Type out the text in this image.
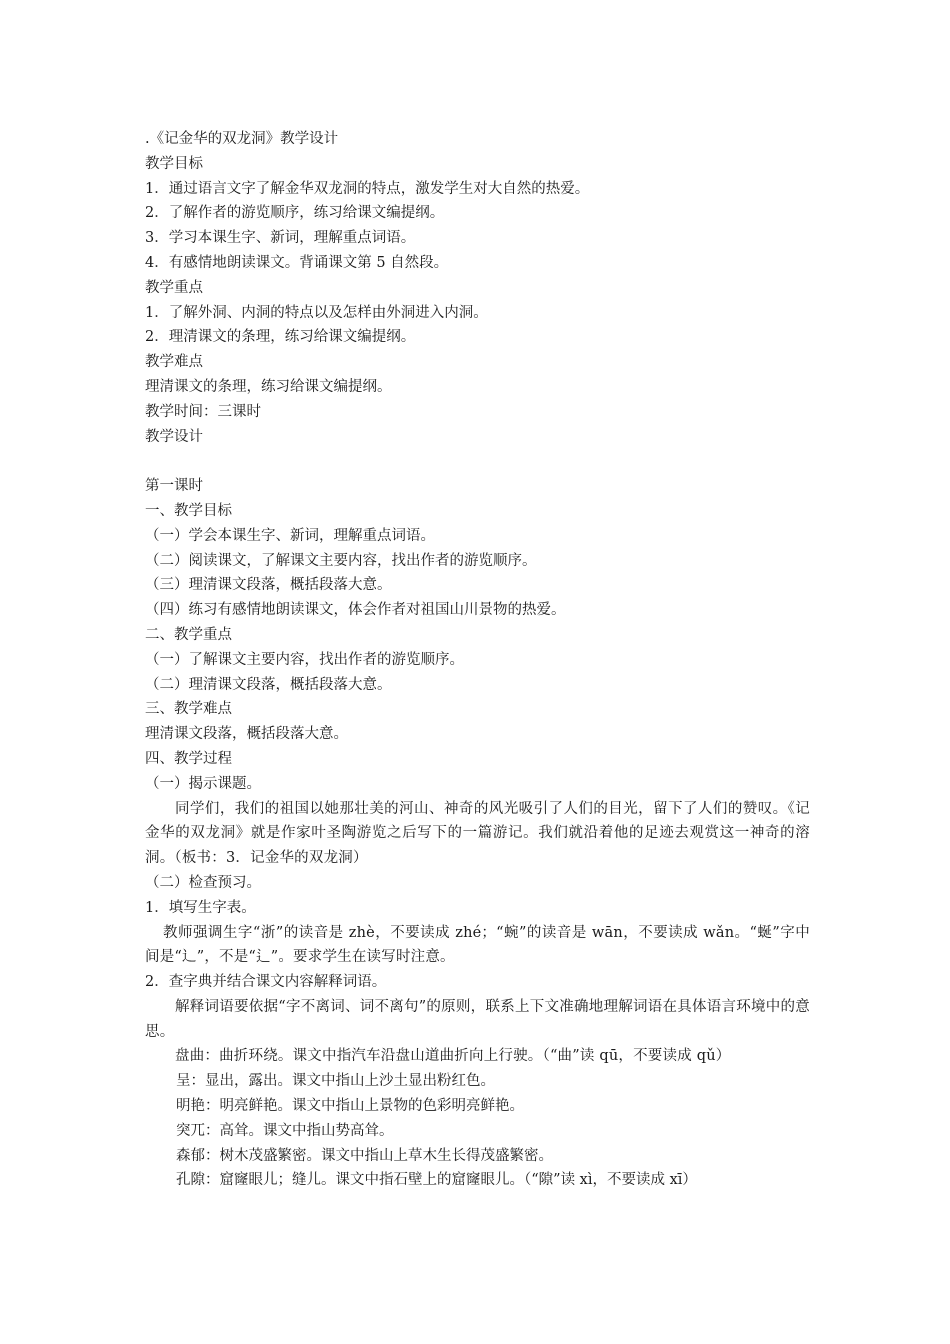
.《记金华的双龙洞》教学设计

教学目标

1．通过语言文字了解金华双龙洞的特点，激发学生对大自然的热爱。

2．了解作者的游览顺序，练习给课文编提纲。

3．学习本课生字、新词，理解重点词语。

4．有感情地朗读课文。背诵课文第 5 自然段。

教学重点

1．了解外洞、内洞的特点以及怎样由外洞进入内洞。

2．理清课文的条理，练习给课文编提纲。

教学难点

理清课文的条理，练习给课文编提纲。

教学时间：三课时

教学设计

第一课时

一、教学目标

（一）学会本课生字、新词，理解重点词语。

（二）阅读课文，了解课文主要内容，找出作者的游览顺序。

（三）理清课文段落，概括段落大意。

（四）练习有感情地朗读课文，体会作者对祖国山川景物的热爱。

二、教学重点

（一）了解课文主要内容，找出作者的游览顺序。

（二）理清课文段落，概括段落大意。

三、教学难点

理清课文段落，概括段落大意。

四、教学过程

（一）揭示课题。

同学们，我们的祖国以她那壮美的河山、神奇的风光吸引了人们的目光，留下了人们的赞叹。《记金华的双龙洞》就是作家叶圣陶游览之后写下的一篇游记。我们就沿着他的足迹去观赏这一神奇的溶洞。（板书：3．记金华的双龙洞）

（二）检查预习。

1．填写生字表。

教师强调生字“浙”的读音是 zhè，不要读成 zhé；“蜿”的读音是 wān，不要读成 wǎn。“蜒”字中间是“⻌”，不是“⻍”。要求学生在读写时注意。

2．查字典并结合课文内容解释词语。

解释词语要依据“字不离词、词不离句”的原则，联系上下文准确地理解词语在具体语言环境中的意思。

盘曲：曲折环绕。课文中指汽车沿盘山道曲折向上行驶。（“曲”读 qū，不要读成 qǔ）

呈：显出，露出。课文中指山上沙土显出粉红色。

明艳：明亮鲜艳。课文中指山上景物的色彩明亮鲜艳。

突兀：高耸。课文中指山势高耸。

森郁：树木茂盛繁密。课文中指山上草木生长得茂盛繁密。

孔隙：窟窿眼儿；缝儿。课文中指石壁上的窟窿眼儿。（“隙”读 xì，不要读成 xī）
